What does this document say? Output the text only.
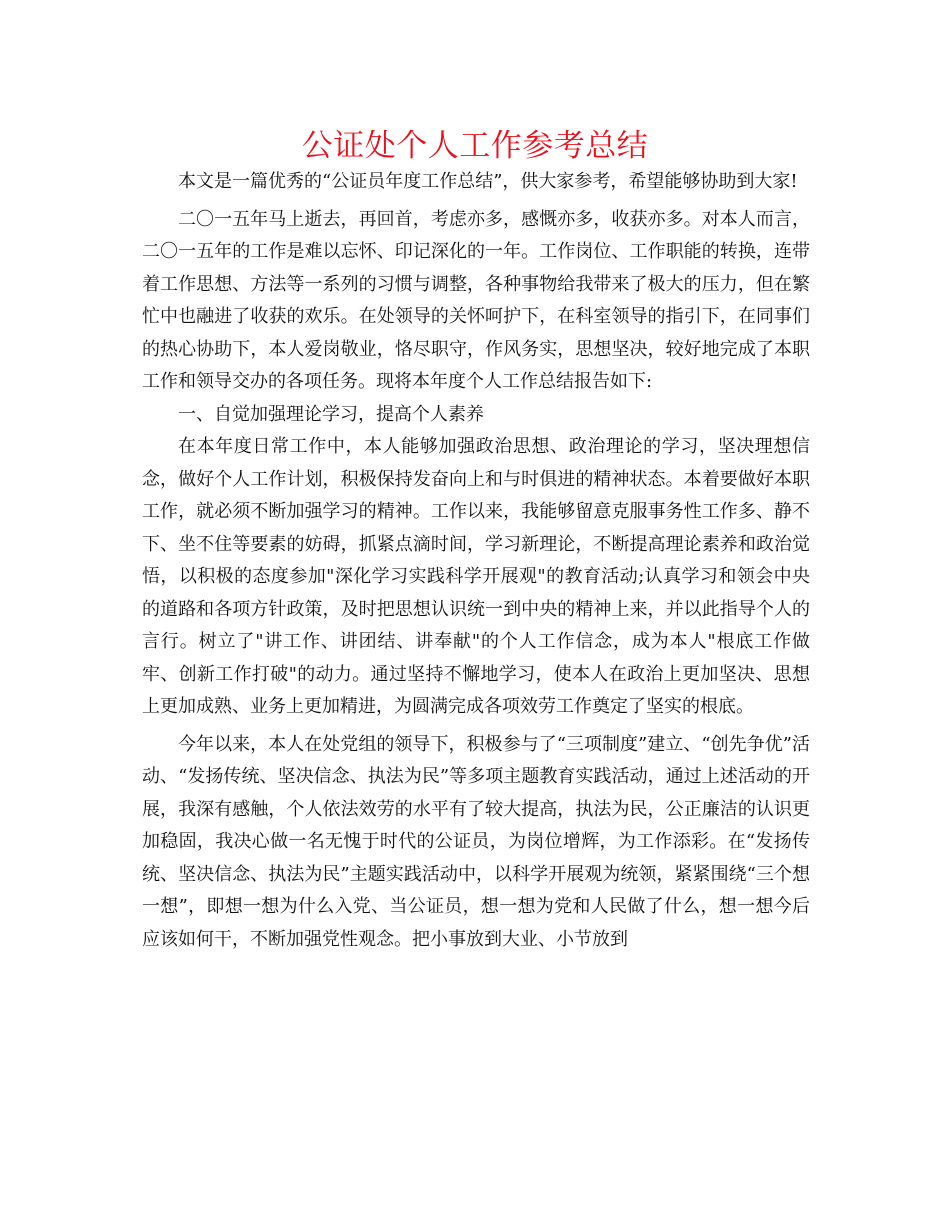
公证处个人工作参考总结

本文是一篇优秀的“公证员年度工作总结”，供大家参考，希望能够协助到大家!

二〇一五年马上逝去，再回首，考虑亦多，感慨亦多，收获亦多。对本人而言，二〇一五年的工作是难以忘怀、印记深化的一年。工作岗位、工作职能的转换，连带着工作思想、方法等一系列的习惯与调整，各种事物给我带来了极大的压力，但在繁忙中也融进了收获的欢乐。在处领导的关怀呵护下，在科室领导的指引下，在同事们的热心协助下，本人爱岗敬业，恪尽职守，作风务实，思想坚决，较好地完成了本职工作和领导交办的各项任务。现将本年度个人工作总结报告如下:

一、自觉加强理论学习，提高个人素养

在本年度日常工作中，本人能够加强政治思想、政治理论的学习，坚决理想信念，做好个人工作计划，积极保持发奋向上和与时俱进的精神状态。本着要做好本职工作，就必须不断加强学习的精神。工作以来，我能够留意克服事务性工作多、静不下、坐不住等要素的妨碍，抓紧点滴时间，学习新理论，不断提高理论素养和政治觉悟，以积极的态度参加"深化学习实践科学开展观"的教育活动;认真学习和领会中央的道路和各项方针政策，及时把思想认识统一到中央的精神上来，并以此指导个人的言行。树立了"讲工作、讲团结、讲奉献"的个人工作信念，成为本人"根底工作做牢、创新工作打破"的动力。通过坚持不懈地学习，使本人在政治上更加坚决、思想上更加成熟、业务上更加精进，为圆满完成各项效劳工作奠定了坚实的根底。

今年以来，本人在处党组的领导下，积极参与了“三项制度”建立、“创先争优”活动、“发扬传统、坚决信念、执法为民”等多项主题教育实践活动，通过上述活动的开展，我深有感触，个人依法效劳的水平有了较大提高，执法为民，公正廉洁的认识更加稳固，我决心做一名无愧于时代的公证员，为岗位增辉，为工作添彩。在“发扬传统、坚决信念、执法为民”主题实践活动中，以科学开展观为统领，紧紧围绕“三个想一想”，即想一想为什么入党、当公证员，想一想为党和人民做了什么，想一想今后应该如何干，不断加强党性观念。把小事放到大业、小节放到
